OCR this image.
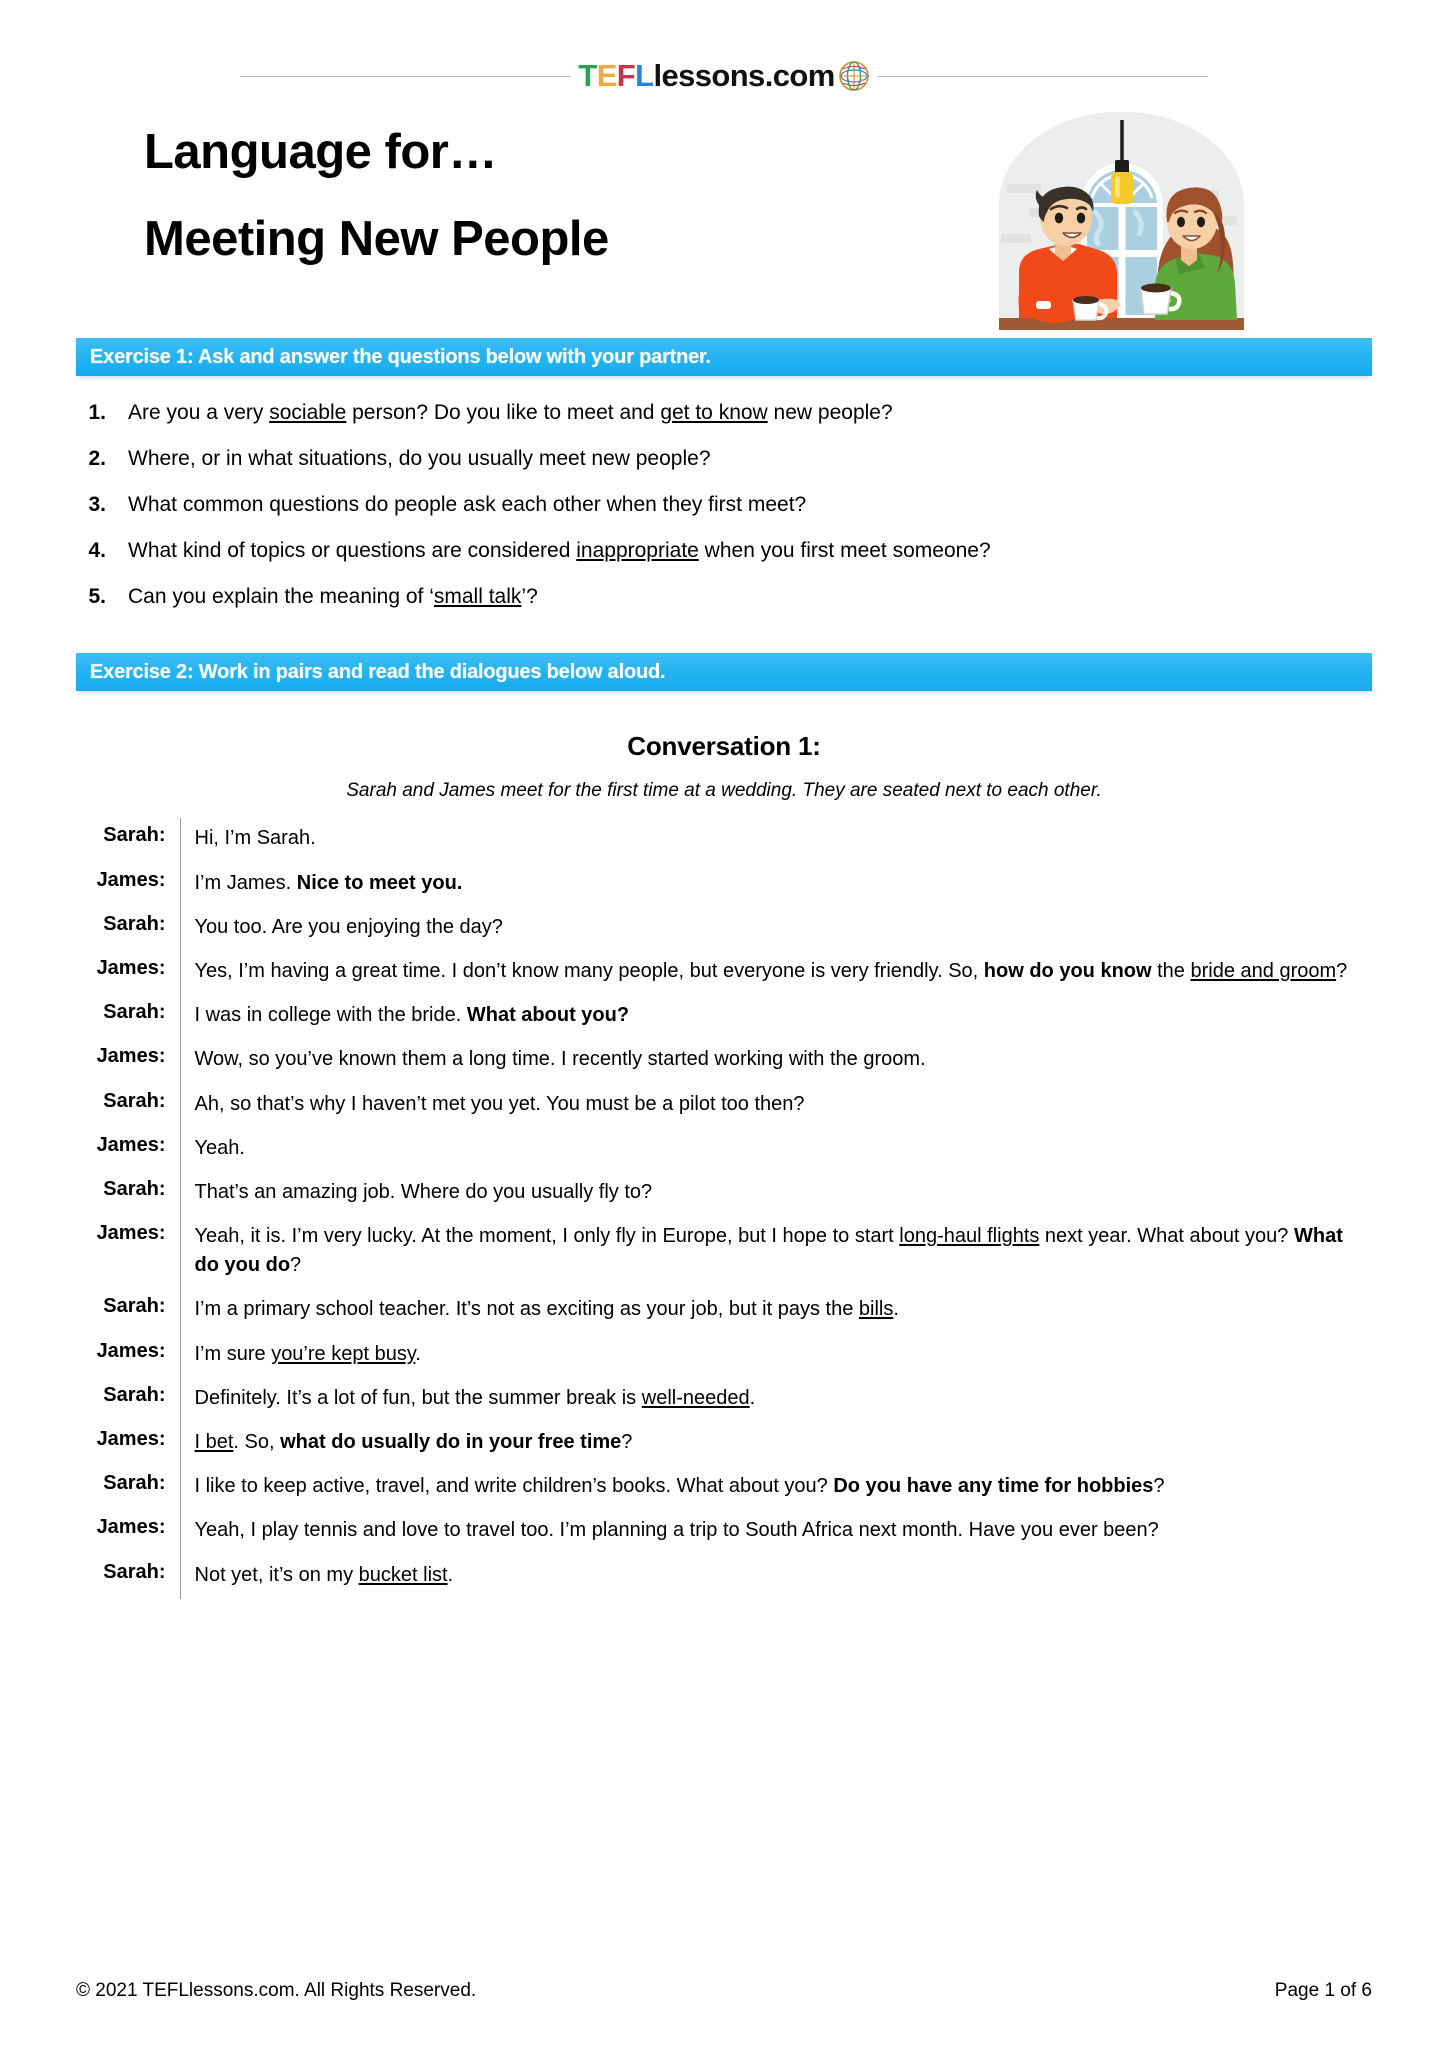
T E F L lessons.com
Language for…
Meeting New People
Exercise 1: Ask and answer the questions below with your partner.
1.	Are you a very sociable person? Do you like to meet and get to know new people?
2.	Where, or in what situations, do you usually meet new people?
3.	What common questions do people ask each other when they first meet?
4.	What kind of topics or questions are considered inappropriate when you first meet someone?
5.	Can you explain the meaning of ‘small talk’?
Exercise 2: Work in pairs and read the dialogues below aloud.
Conversation 1:
Sarah and James meet for the first time at a wedding. They are seated next to each other.
Sarah:	Hi, I’m Sarah.
James:	I’m James. Nice to meet you.
Sarah:	You too. Are you enjoying the day?
James:	Yes, I’m having a great time. I don’t know many people, but everyone is very friendly. So, how do you know the bride and groom?
Sarah:	I was in college with the bride. What about you?
James:	Wow, so you’ve known them a long time. I recently started working with the groom.
Sarah:	Ah, so that’s why I haven’t met you yet. You must be a pilot too then?
James:	Yeah.
Sarah:	That’s an amazing job. Where do you usually fly to?
James:	Yeah, it is. I’m very lucky. At the moment, I only fly in Europe, but I hope to start long-haul flights next year. What about you? What do you do?
Sarah:	I’m a primary school teacher. It’s not as exciting as your job, but it pays the bills.
James:	I’m sure you’re kept busy.
Sarah:	Definitely. It’s a lot of fun, but the summer break is well-needed.
James:	I bet. So, what do usually do in your free time?
Sarah:	I like to keep active, travel, and write children’s books. What about you? Do you have any time for hobbies?
James:	Yeah, I play tennis and love to travel too. I’m planning a trip to South Africa next month. Have you ever been?
Sarah:	Not yet, it’s on my bucket list.
© 2021 TEFLlessons.com. All Rights Reserved.	Page 1 of 6
